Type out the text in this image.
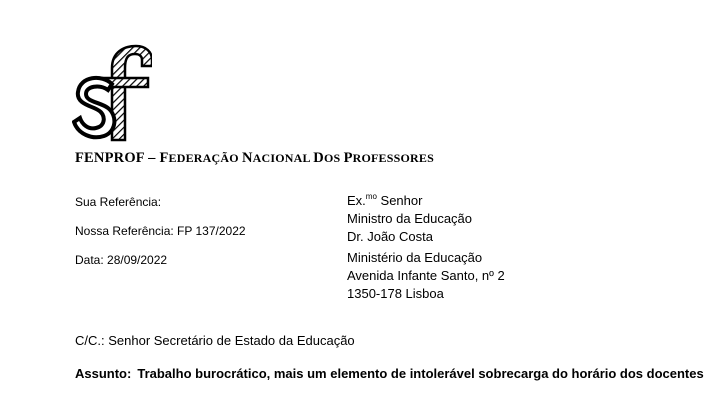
FENPROF – FEDERAÇÃO NACIONAL DOS PROFESSORES
Sua Referência:
Nossa Referência: FP 137/2022
Data: 28/09/2022
Ex.$^{mo}$ Senhor
Ministro da Educação
Dr. João Costa
Ministério da Educação
Avenida Infante Santo, nº 2
1350-178 Lisboa
C/C.: Senhor Secretário de Estado da Educação
Assunto: Trabalho burocrático, mais um elemento de intolerável sobrecarga do horário dos docentes
